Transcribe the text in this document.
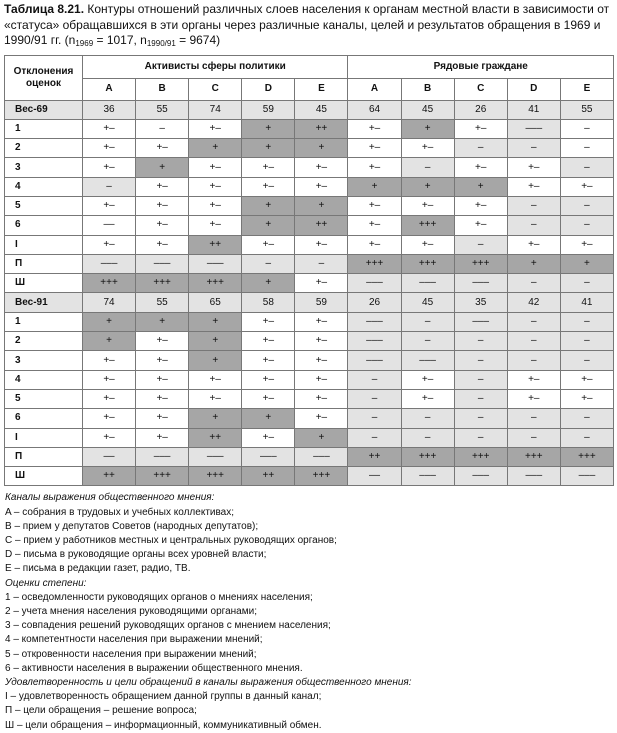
Таблица 8.21. Контуры отношений различных слоев населения к органам местной власти в зависимости от «статуса» обращавшихся в эти органы через различные каналы, целей и результатов обращения в 1969 и 1990/91 гг. ($n_{1969} = 1017$, $n_{1990/91} = 9674$)

Отклонения оценок	Активисты сферы политики					Рядовые граждане				
	A	B	C	D	E	A	B	C	D	E
Вес-69	36	55	74	59	45	64	45	26	41	55
1	+–	–	+–	+	++	+–	+	+–	–––	–
2	+–	+–	+	+	+	+–	+–	–	–	–
3	+–	+	+–	+–	+–	+–	–	+–	+–	–
4	–	+–	+–	+–	+–	+	+	+	+–	+–
5	+–	+–	+–	+	+	+–	+–	+–	–	–
6	––	+–	+–	+	++	+–	+++	+–	–	–
I	+–	+–	++	+–	+–	+–	+–	–	+–	+–
П	–––	–––	–––	–	–	+++	+++	+++	+	+
Ш	+++	+++	+++	+	+–	–––	–––	–––	–	–
Вес-91	74	55	65	58	59	26	45	35	42	41
1	+	+	+	+–	+–	–––	–	–––	–	–
2	+	+–	+	+–	+–	–––	–	–	–	–
3	+–	+–	+	+–	+–	–––	–––	–	–	–
4	+–	+–	+–	+–	+–	–	+–	–	+–	+–
5	+–	+–	+–	+–	+–	–	+–	–	+–	+–
6	+–	+–	+	+	+–	–	–	–	–	–
I	+–	+–	++	+–	+	–	–	–	–	–
П	––	–––	–––	–––	–––	++	+++	+++	+++	+++
Ш	++	+++	+++	++	+++	––	–––	–––	–––	–––
Каналы выражения общественного мнения:
A – собрания в трудовых и учебных коллективах;
B – прием у депутатов Советов (народных депутатов);
C – прием у работников местных и центральных руководящих органов;
D – письма в руководящие органы всех уровней власти;
E – письма в редакции газет, радио, ТВ.
Оценки степени:
1 – осведомленности руководящих органов о мнениях населения;
2 – учета мнения населения руководящими органами;
3 – совпадения решений руководящих органов с мнением населения;
4 – компетентности населения при выражении мнений;
5 – откровенности населения при выражении мнений;
6 – активности населения в выражении общественного мнения.
Удовлетворенность и цели обращений в каналы выражения общественного мнения:
I – удовлетворенность обращением данной группы в данный канал;
П – цели обращения – решение вопроса;
Ш – цели обращения – информационный, коммуникативный обмен.
